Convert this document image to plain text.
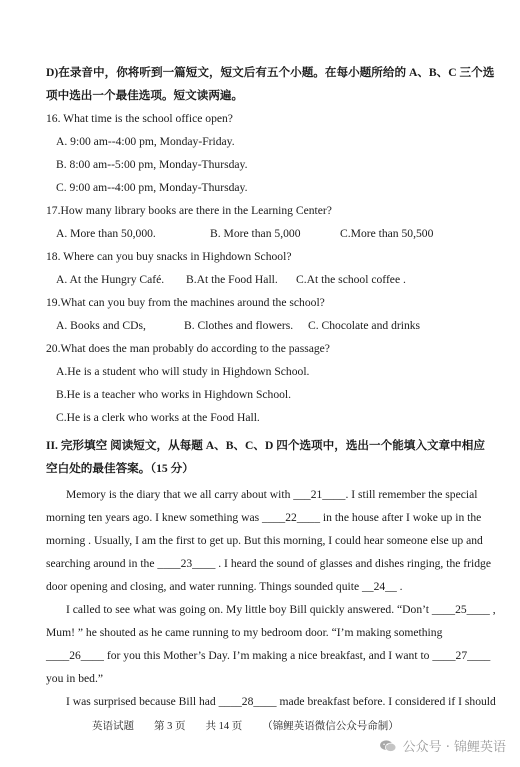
D)在录音中，你将听到一篇短文，短文后有五个小题。在每小题所给的 A、B、C 三个选
项中选出一个最佳选项。短文读两遍。
16. What time is the school office open?
A. 9:00 am--4:00 pm, Monday-Friday.
B. 8:00 am--5:00 pm, Monday-Thursday.
C. 9:00 am--4:00 pm, Monday-Thursday.
17.How many library books are there in the Learning Center?
A. More than 50,000.	B. More than 5,000	C.More than 50,500
18. Where can you buy snacks in Highdown School?
A. At the Hungry Café. B.At the Food Hall. C.At the school coffee .
19.What can you buy from the machines around the school?
A. Books and CDs,	B. Clothes and flowers. C. Chocolate and drinks
20.What does the man probably do according to the passage?
A.He is a student who will study in Highdown School.
B.He is a teacher who works in Highdown School.
C.He is a clerk who works at the Food Hall.
II. 完形填空 阅读短文，从每题 A、B、C、D 四个选项中，选出一个能填入文章中相应
空白处的最佳答案。（15 分）
Memory is the diary that we all carry about with ___21____. I still remember the special
morning ten years ago. I knew something was ____22____ in the house after I woke up in the
morning . Usually, I am the first to get up. But this morning, I could hear someone else up and
searching around in the ____23____ . I heard the sound of glasses and dishes ringing, the fridge
door opening and closing, and water running. Things sounded quite __24__ .
I called to see what was going on. My little boy Bill quickly answered. “Don’t ____25____ ,
Mum! ” he shouted as he came running to my bedroom door. “I’m making something
____26____ for you this Mother’s Day. I’m making a nice breakfast, and I want to ____27____
you in bed.”
I was surprised because Bill had ____28____ made breakfast before. I considered if I should
英语试题 第 3 页 共 14 页 （锦鲤英语微信公众号命制）
公众号 · 锦鲤英语
